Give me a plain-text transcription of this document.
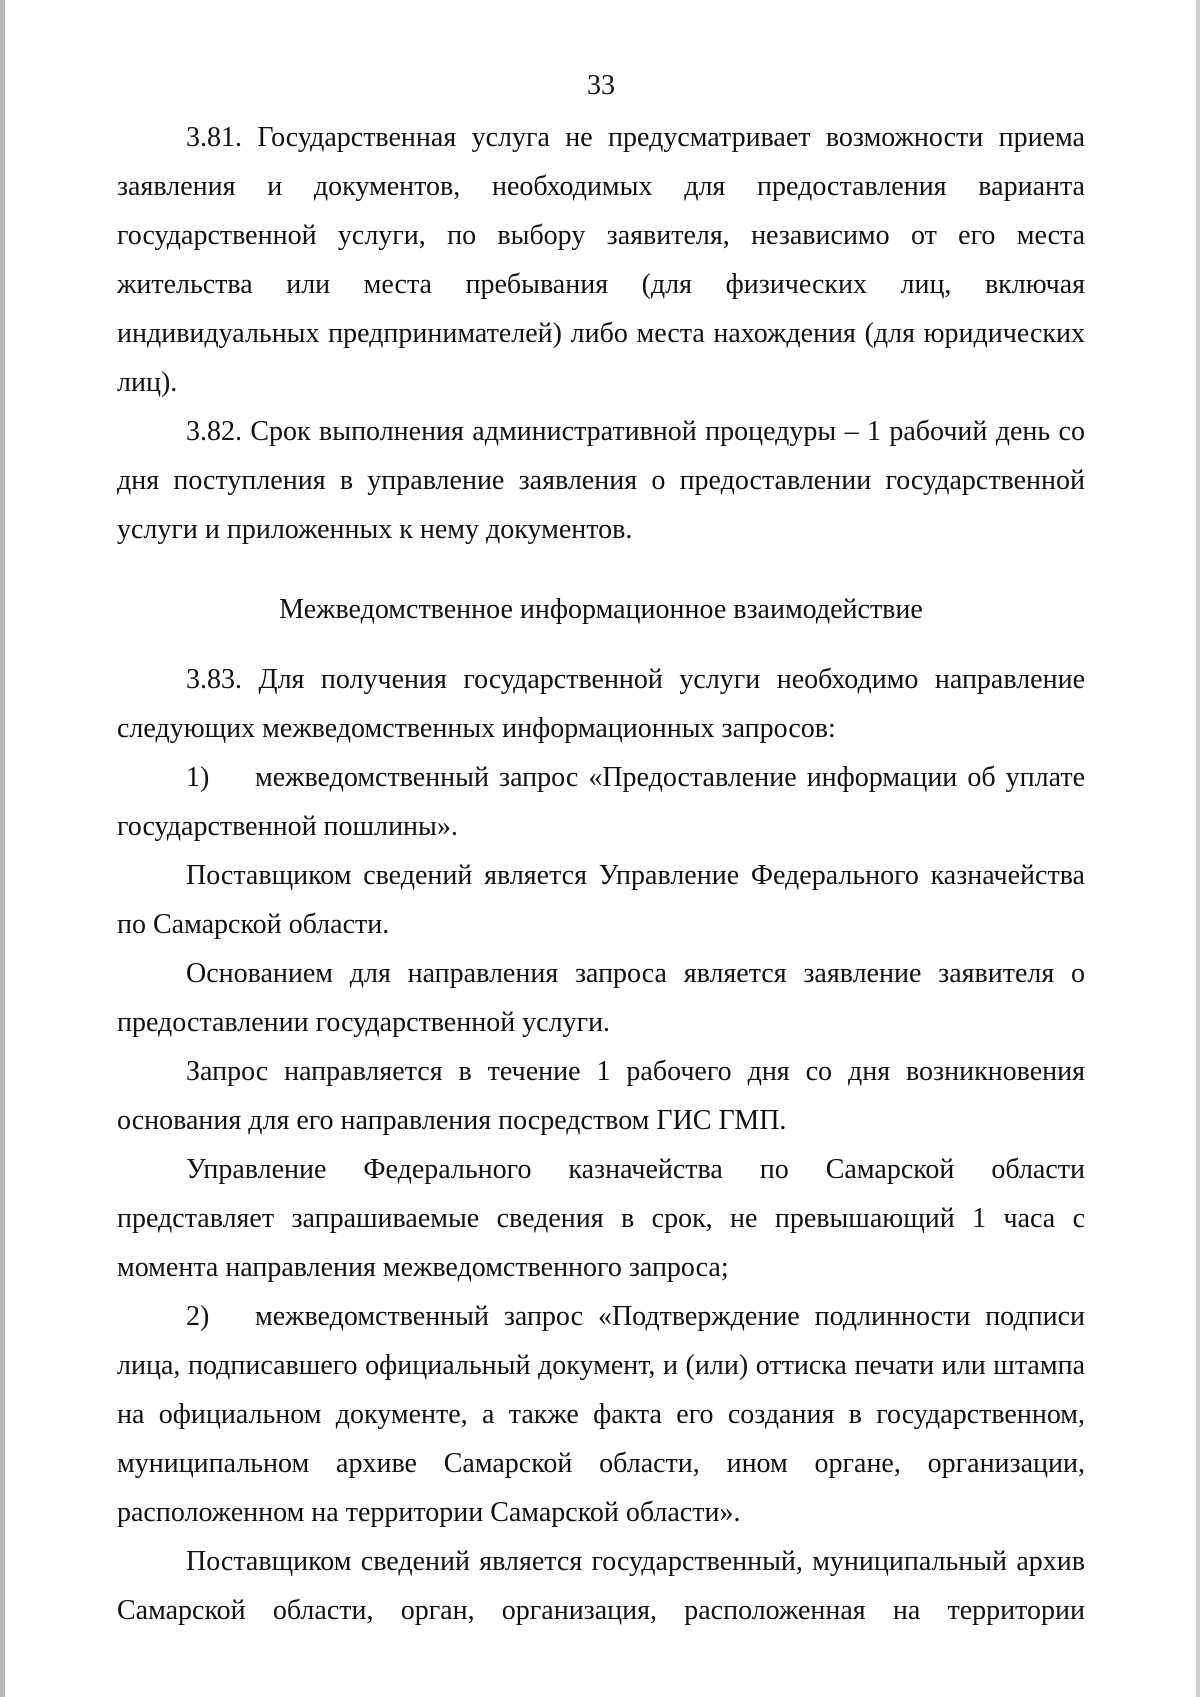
33

3.81. Государственная услуга не предусматривает возможности приема заявления и документов, необходимых для предоставления варианта государственной услуги, по выбору заявителя, независимо от его места жительства или места пребывания (для физических лиц, включая индивидуальных предпринимателей) либо места нахождения (для юридических лиц).

3.82. Срок выполнения административной процедуры – 1 рабочий день со дня поступления в управление заявления о предоставлении государственной услуги и приложенных к нему документов.

Межведомственное информационное взаимодействие

3.83. Для получения государственной услуги необходимо направление следующих межведомственных информационных запросов:

1) межведомственный запрос «Предоставление информации об уплате государственной пошлины».

Поставщиком сведений является Управление Федерального казначейства по Самарской области.

Основанием для направления запроса является заявление заявителя о предоставлении государственной услуги.

Запрос направляется в течение 1 рабочего дня со дня возникновения основания для его направления посредством ГИС ГМП.

Управление Федерального казначейства по Самарской области представляет запрашиваемые сведения в срок, не превышающий 1 часа с момента направления межведомственного запроса;

2) межведомственный запрос «Подтверждение подлинности подписи лица, подписавшего официальный документ, и (или) оттиска печати или штампа на официальном документе, а также факта его создания в государственном, муниципальном архиве Самарской области, ином органе, организации, расположенном на территории Самарской области».

Поставщиком сведений является государственный, муниципальный архив Самарской области, орган, организация, расположенная на территории
